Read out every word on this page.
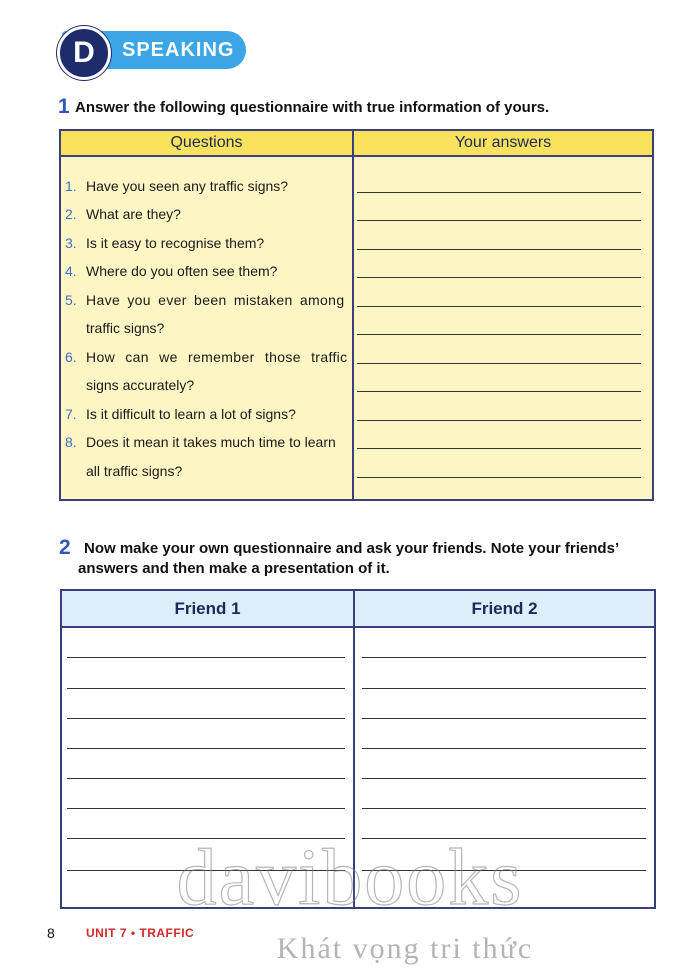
SPEAKING
D
1 Answer the following questionnaire with true information of yours.
Questions	Your answers
1. Have you seen any traffic signs?
2. What are they?
3. Is it easy to recognise them?
4. Where do you often see them?
5. Have you ever been mistaken among
traffic signs?
6. How can we remember those traffic
signs accurately?
7. Is it difficult to learn a lot of signs?
8. Does it mean it takes much time to learn
all traffic signs?
2 Now make your own questionnaire and ask your friends. Note your friends’
answers and then make a presentation of it.
Friend 1	Friend 2
davibooks
Khát vọng tri thức
8	UNIT 7 • TRAFFIC
